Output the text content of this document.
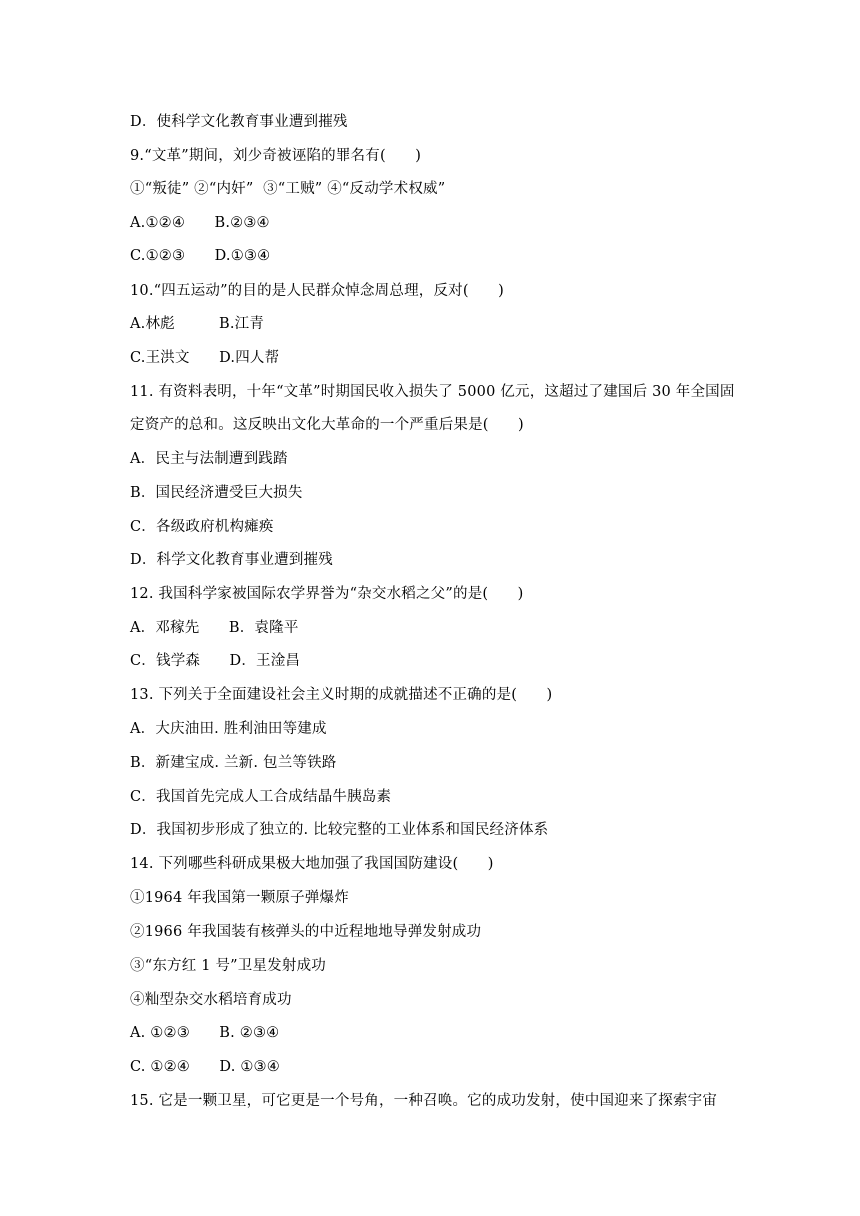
D．使科学文化教育事业遭到摧残
9.“文革”期间，刘少奇被诬陷的罪名有(　　)
①“叛徒” ②“内奸”  ③“工贼” ④“反动学术权威”
A.①②④　　B.②③④
C.①②③　　D.①③④
10.“四五运动”的目的是人民群众悼念周总理，反对(　　)
A.林彪　　　B.江青
C.王洪文　　D.四人帮
11. 有资料表明，十年“文革”时期国民收入损失了 5000 亿元，这超过了建国后 30 年全国固
定资产的总和。这反映出文化大革命的一个严重后果是(　　)
A．民主与法制遭到践踏
B．国民经济遭受巨大损失
C．各级政府机构瘫痪
D．科学文化教育事业遭到摧残
12. 我国科学家被国际农学界誉为“杂交水稻之父”的是(　　)
A．邓稼先　　B．袁隆平
C．钱学森　　D．王淦昌
13. 下列关于全面建设社会主义时期的成就描述不正确的是(　　)
A．大庆油田. 胜利油田等建成
B．新建宝成. 兰新. 包兰等铁路
C．我国首先完成人工合成结晶牛胰岛素
D．我国初步形成了独立的. 比较完整的工业体系和国民经济体系
14. 下列哪些科研成果极大地加强了我国国防建设(　　)
①1964 年我国第一颗原子弹爆炸
②1966 年我国装有核弹头的中近程地地导弹发射成功
③“东方红 1 号”卫星发射成功
④籼型杂交水稻培育成功
A. ①②③　　B. ②③④
C. ①②④　　D. ①③④
15. 它是一颗卫星，可它更是一个号角，一种召唤。它的成功发射，使中国迎来了探索宇宙
